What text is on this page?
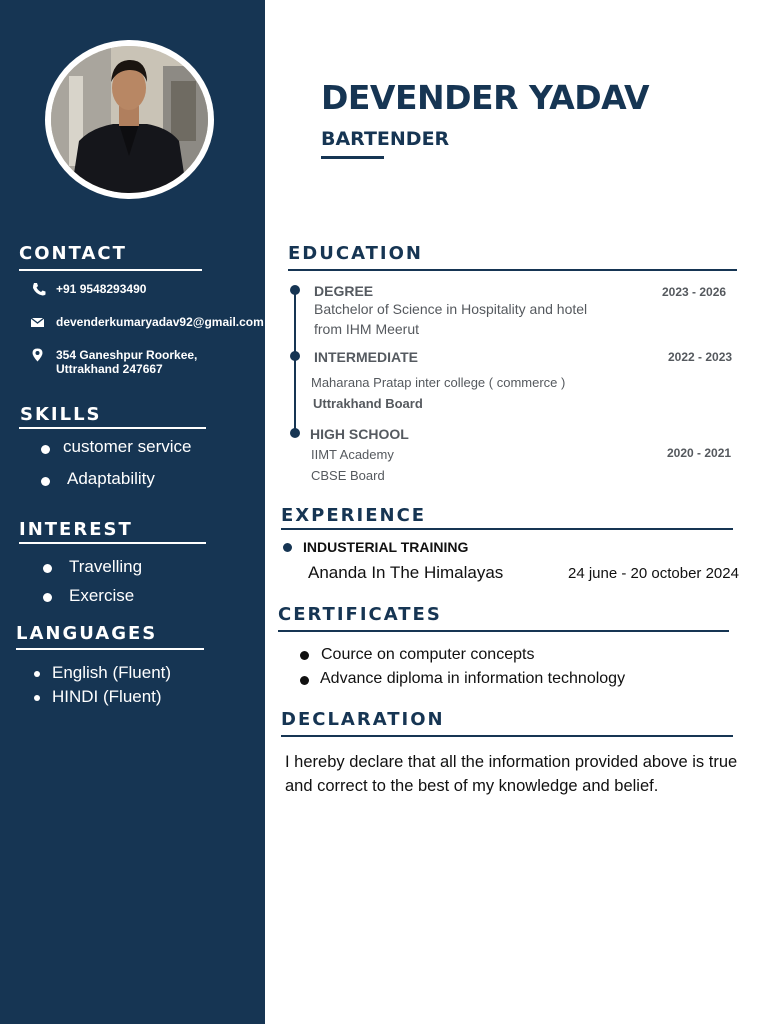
CONTACT
+91 9548293490
devenderkumaryadav92@gmail.com
354 Ganeshpur Roorkee,
Uttrakhand 247667
SKILLS
customer service
Adaptability
INTEREST
Travelling
Exercise
LANGUAGES
English (Fluent)
HINDI (Fluent)
DEVENDER YADAV
BARTENDER
EDUCATION
DEGREE
Batchelor of Science in Hospitality and hotel
from IHM Meerut
2023 - 2026
INTERMEDIATE
Maharana Pratap inter college ( commerce )
Uttrakhand Board
2022 - 2023
HIGH SCHOOL
IIMT Academy
CBSE Board
2020 - 2021
EXPERIENCE
INDUSTERIAL TRAINING
Ananda In The Himalayas	24 june - 20 october 2024
CERTIFICATES
Cource on computer concepts
Advance diploma in information technology
DECLARATION
I hereby declare that all the information provided above is true and correct to the best of my knowledge and belief.
